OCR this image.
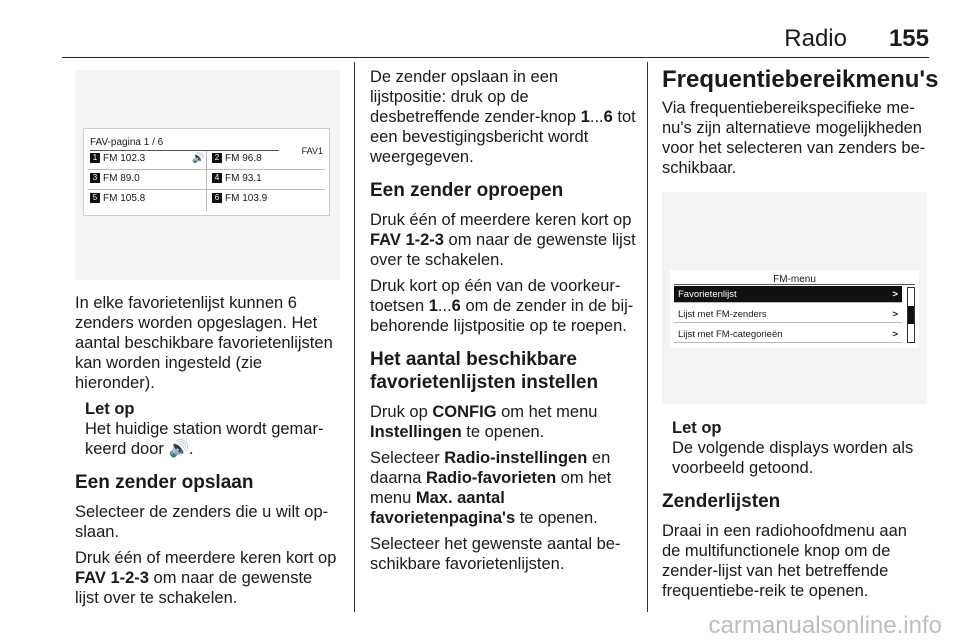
Radio 155
FAV-pagina 1 / 6
FAV1
1 FM 102.3	🔊	2 FM 96.8
3 FM 89.0	4 FM 93.1
5 FM 105.8	6 FM 103.9

In elke favorietenlijst kunnen 6 zenders worden opgeslagen. Het aantal beschikbare favorietenlijsten kan worden ingesteld (zie hieronder).

Let op
Het huidige station wordt gemar-keerd door 🔊.
Een zender opslaan

Selecteer de zenders die u wilt op-slaan.

Druk één of meerdere keren kort op FAV 1-2-3 om naar de gewenste lijst over te schakelen.

De zender opslaan in een lijstpositie: druk op de desbetreffende zender-knop 1...6 tot een bevestigingsbericht wordt weergegeven.

Een zender oproepen

Druk één of meerdere keren kort op FAV 1-2-3 om naar de gewenste lijst over te schakelen.

Druk kort op één van de voorkeur-toetsen 1...6 om de zender in de bij-behorende lijstpositie op te roepen.

Het aantal beschikbare favorietenlijsten instellen

Druk op CONFIG om het menu Instellingen te openen.

Selecteer Radio-instellingen en daarna Radio-favorieten om het menu Max. aantal favorietenpagina's te openen.

Selecteer het gewenste aantal be-schikbare favorietenlijsten.

Frequentiebereikmenu's

Via frequentiebereikspecifieke me-nu's zijn alternatieve mogelijkheden voor het selecteren van zenders be-schikbaar.

FM-menu
Favorietenlijst	>
Lijst met FM-zenders	>
Lijst met FM-categorieën	>
Let op
De volgende displays worden als voorbeeld getoond.
Zenderlijsten

Draai in een radiohoofdmenu aan de multifunctionele knop om de zender-lijst van het betreffende frequentiebe-reik te openen.

carmanualsonline.info
